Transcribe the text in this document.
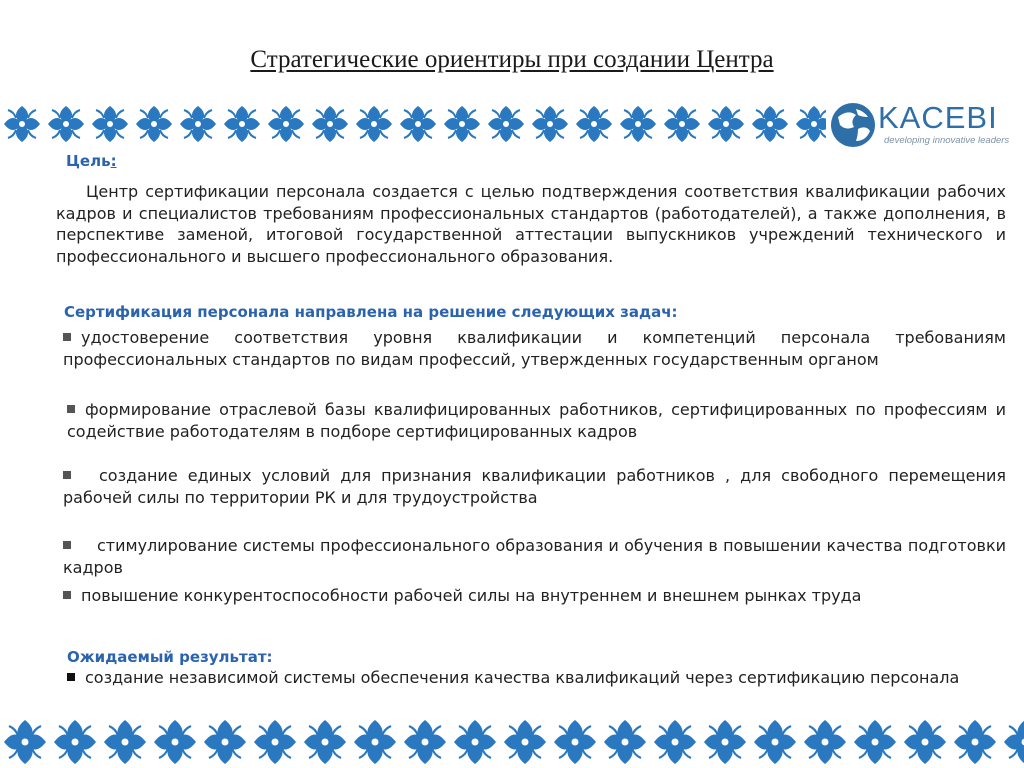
Стратегические ориентиры при создании Центра
KACEBI
developing innovative leaders
Цель:
Центр сертификации персонала создается с целью подтверждения соответствия квалификации рабочих кадров и специалистов требованиям профессиональных стандартов (работодателей), а также дополнения, в перспективе заменой, итоговой государственной аттестации выпускников учреждений технического и профессионального и высшего профессионального образования.
Сертификация персонала направлена на решение следующих задач:
удостоверение соответствия уровня квалификации и компетенций персонала требованиям профессиональных стандартов по видам профессий, утвержденных государственным органом
формирование отраслевой базы квалифицированных работников, сертифицированных по профессиям и содействие работодателям в подборе сертифицированных кадров
создание единых условий для признания квалификации работников , для свободного перемещения рабочей силы по территории РК и для трудоустройства
стимулирование системы профессионального образования и обучения в повышении качества подготовки кадров
повышение конкурентоспособности рабочей силы на внутреннем и внешнем рынках труда
Ожидаемый результат:
создание независимой системы обеспечения качества квалификаций через сертификацию персонала
